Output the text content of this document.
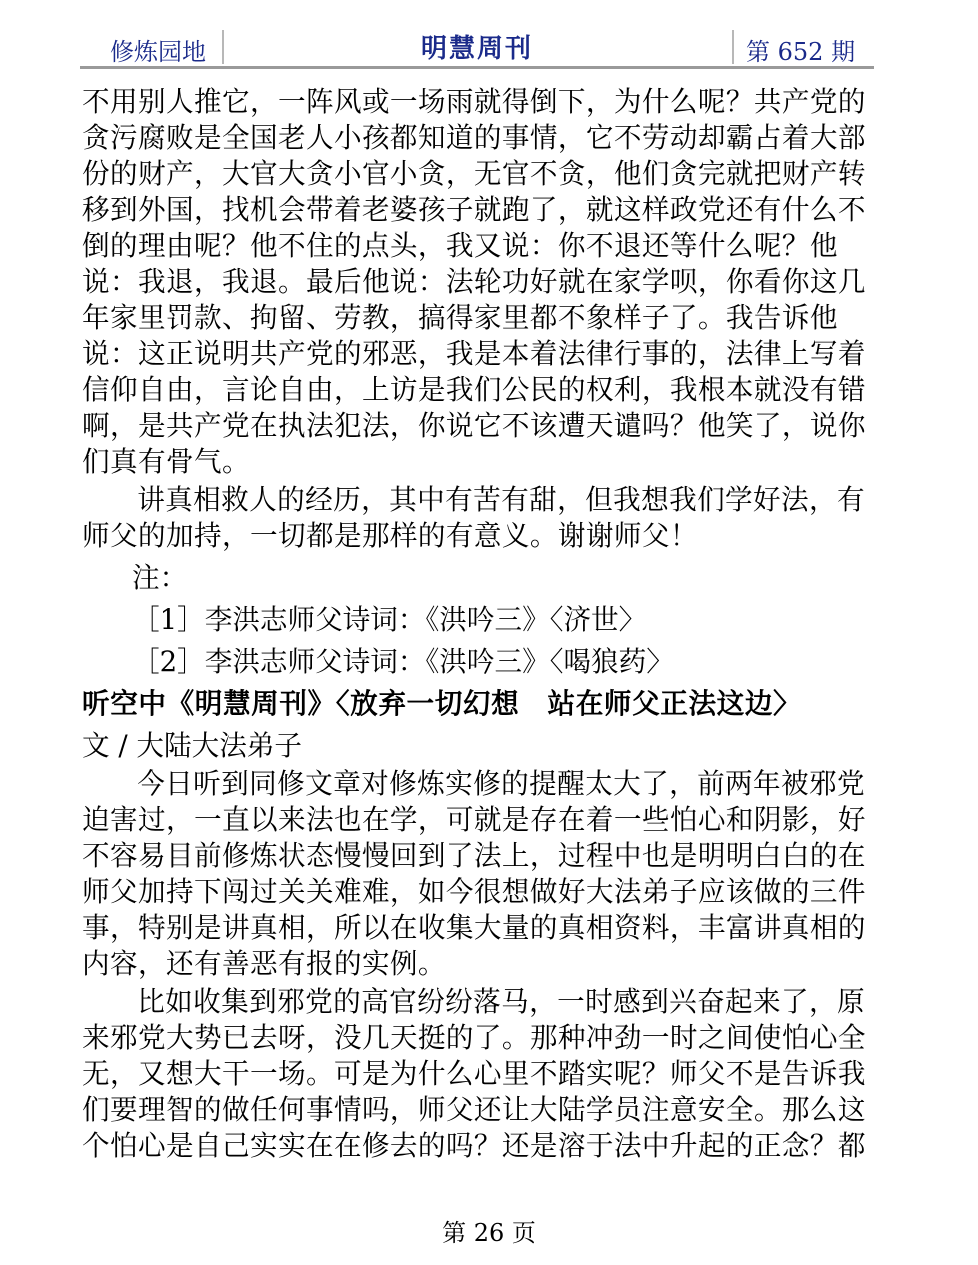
修炼园地	明慧周刊	第 652 期

不用别人推它，一阵风或一场雨就得倒下，为什么呢？共产党的贪污腐败是全国老人小孩都知道的事情，它不劳动却霸占着大部份的财产，大官大贪小官小贪，无官不贪，他们贪完就把财产转移到外国，找机会带着老婆孩子就跑了，就这样政党还有什么不倒的理由呢？他不住的点头，我又说：你不退还等什么呢？他说：我退，我退。最后他说：法轮功好就在家学呗，你看你这几年家里罚款、拘留、劳教，搞得家里都不象样子了。我告诉他说：这正说明共产党的邪恶，我是本着法律行事的，法律上写着信仰自由，言论自由，上访是我们公民的权利，我根本就没有错啊，是共产党在执法犯法，你说它不该遭天谴吗？他笑了，说你们真有骨气。

讲真相救人的经历，其中有苦有甜，但我想我们学好法，有师父的加持，一切都是那样的有意义。谢谢师父！

注：

［1］李洪志师父诗词：《洪吟三》〈济世〉

［2］李洪志师父诗词：《洪吟三》〈喝狼药〉

听空中《明慧周刊》〈放弃一切幻想　站在师父正法这边〉

文 / 大陆大法弟子

今日听到同修文章对修炼实修的提醒太大了，前两年被邪党迫害过，一直以来法也在学，可就是存在着一些怕心和阴影，好不容易目前修炼状态慢慢回到了法上，过程中也是明明白白的在师父加持下闯过关关难难，如今很想做好大法弟子应该做的三件事，特别是讲真相，所以在收集大量的真相资料，丰富讲真相的内容，还有善恶有报的实例。

比如收集到邪党的高官纷纷落马，一时感到兴奋起来了，原来邪党大势已去呀，没几天挺的了。那种冲劲一时之间使怕心全无，又想大干一场。可是为什么心里不踏实呢？师父不是告诉我们要理智的做任何事情吗，师父还让大陆学员注意安全。那么这个怕心是自己实实在在修去的吗？还是溶于法中升起的正念？都

第 26 页
